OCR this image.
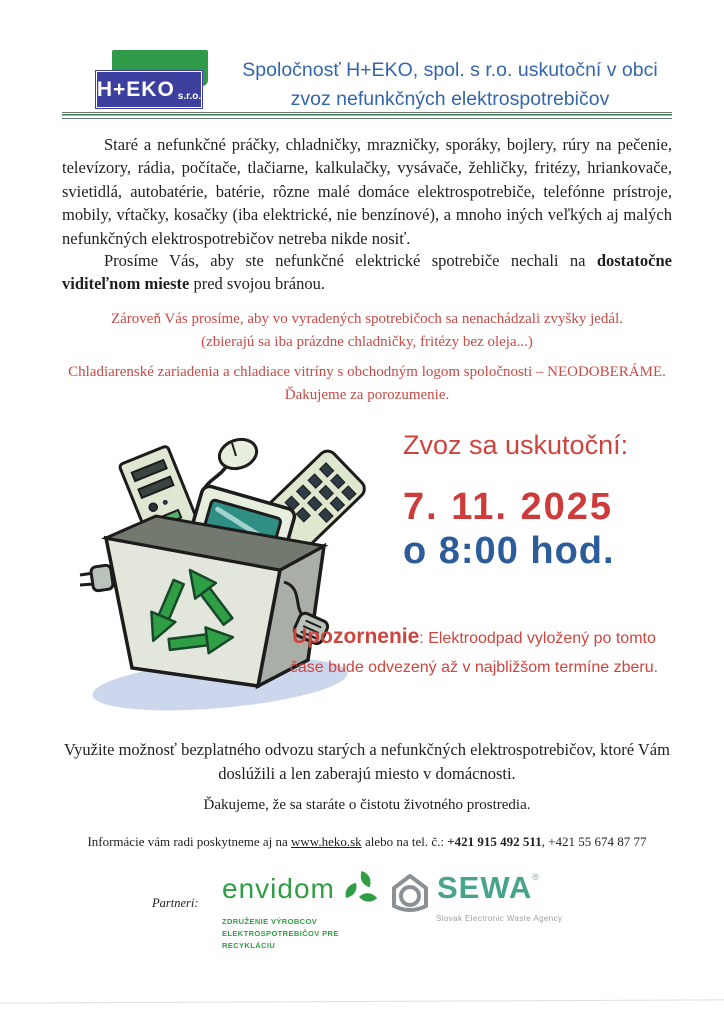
H+EKO s.r.o.
Spoločnosť H+EKO, spol. s r.o. uskutoční v obci
zvoz nefunkčných elektrospotrebičov
Staré a nefunkčné práčky, chladničky, mrazničky, sporáky, bojlery, rúry na pečenie, televízory, rádia, počítače, tlačiarne, kalkulačky, vysávače, žehličky, fritézy, hriankovače, svietidlá, autobatérie, batérie, rôzne malé domáce elektrospotrebiče, telefónne prístroje, mobily, vŕtačky, kosačky (iba elektrické, nie benzínové), a mnoho iných veľkých aj malých nefunkčných elektrospotrebičov netreba nikde nosiť.
Prosíme Vás, aby ste nefunkčné elektrické spotrebiče nechali na dostatočne viditeľnom mieste pred svojou bránou.
Zároveň Vás prosíme, aby vo vyradených spotrebičoch sa nenachádzali zvyšky jedál.
(zbierajú sa iba prázdne chladničky, fritézy bez oleja...)
Chladiarenské zariadenia a chladiace vitríny s obchodným logom spoločnosti – NEODOBERÁME.
Ďakujeme za porozumenie.
Zvoz sa uskutoční:
7. 11. 2025
o 8:00 hod.
Upozornenie: Elektroodpad vyložený po tomto čase bude odvezený až v najbližšom termíne zberu.
Využite možnosť bezplatného odvozu starých a nefunkčných elektrospotrebičov, ktoré Vám doslúžili a len zaberajú miesto v domácnosti.
Ďakujeme, že sa staráte o čistotu životného prostredia.
Informácie vám radi poskytneme aj na www.heko.sk alebo na tel. č.: +421 915 492 511, +421 55 674 87 77
Partneri: envidom
ZDRUŽENIE VÝROBCOV
ELEKTROSPOTREBIČOV PRE RECYKLÁCIU
SEWA®
Slovak Electronic Waste Agency
